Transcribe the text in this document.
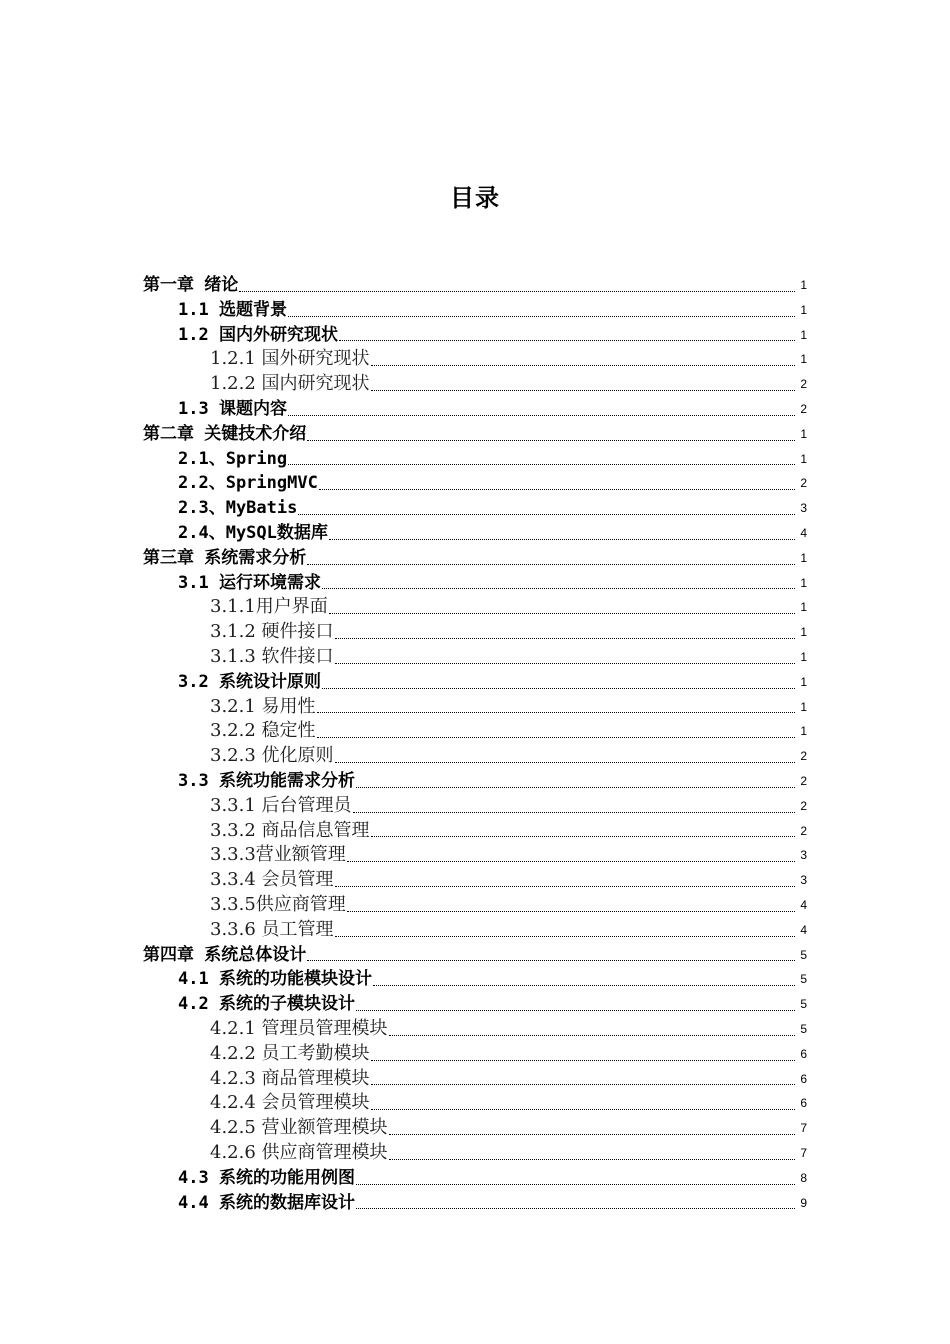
目录
第一章 绪论	1
1.1 选题背景	1
1.2 国内外研究现状	1
1.2.1 国外研究现状	1
1.2.2 国内研究现状	2
1.3 课题内容	2
第二章 关键技术介绍	1
2.1、Spring	1
2.2、SpringMVC	2
2.3、MyBatis	3
2.4、MySQL数据库	4
第三章 系统需求分析	1
3.1 运行环境需求	1
3.1.1用户界面	1
3.1.2 硬件接口	1
3.1.3 软件接口	1
3.2 系统设计原则	1
3.2.1 易用性	1
3.2.2 稳定性	1
3.2.3 优化原则	2
3.3 系统功能需求分析	2
3.3.1 后台管理员	2
3.3.2 商品信息管理	2
3.3.3营业额管理	3
3.3.4 会员管理	3
3.3.5供应商管理	4
3.3.6 员工管理	4
第四章 系统总体设计	5
4.1 系统的功能模块设计	5
4.2 系统的子模块设计	5
4.2.1 管理员管理模块	5
4.2.2 员工考勤模块	6
4.2.3 商品管理模块	6
4.2.4 会员管理模块	6
4.2.5 营业额管理模块	7
4.2.6 供应商管理模块	7
4.3 系统的功能用例图	8
4.4 系统的数据库设计	9
